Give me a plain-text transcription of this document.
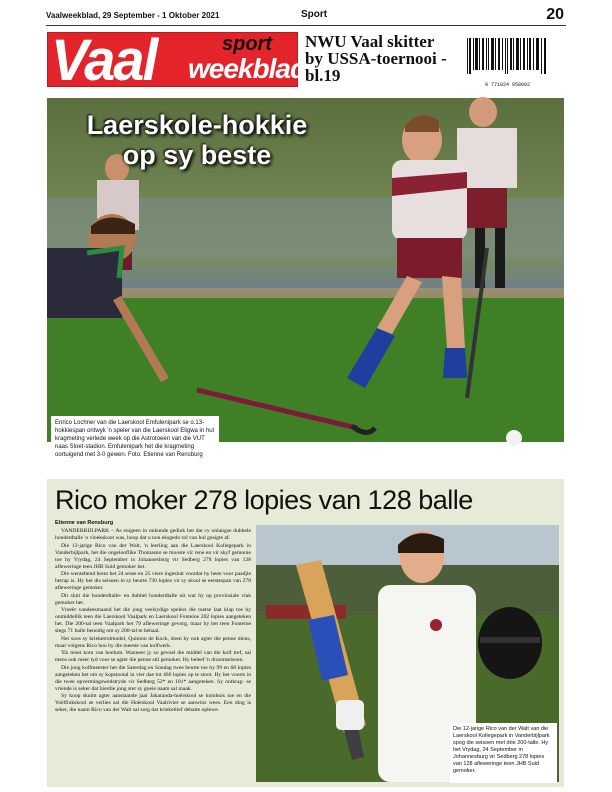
Vaalweekblad, 29 September - 1 Oktober 2021	Sport	20
Vaal	sport
weekblad
NWU Vaal skitter by USSA-toernooi - bl.19	9 771024 958002
Laerskole-hokkie
op sy beste
Enrico Lochner van die Laerskool Emfulenipark se o.13-hokkiespan ontwyk 'n speler van die Laerskool Eligwa in hul kragmeting verlede week op die Astrotoeen van die VUT naas Sloet-stadion. Emfulenipark het die kragmeting oortuigend met 3-0 gewen. Foto: Etienne van Rensburg
Rico moker 278 lopies van 128 balle
Etienne van Rensburg

VANDERBIJLPARK – As enigeen in onkunde gedink het dat cy onlangse dubbele honderdtalle 'n vloekskoot was, hoop dat u nou eksgedo rol van hul gesigte af.

Die 12-jarige Rico van der Walt, 'n leerling aan die Laerskool Kollegepark in Vanderbijlpark, het die ongelooflike Thomasno se mooste vir rene en vir skyf gemonie toe hy Vrydag, 24 September in Johannesburg vir Sedberg 278 lopies van 128 afleweringe teen JHB Suid gemoker het.

Die wenteltend brent het 24 sesse en 25 viere ingesluit voordat hy heen voor paadjie betrap is. Hy het dis seisoen in sy beurte 730 lopies vir sy skool se eerstespan van 278 afleweringe gemoker.

Dit sluit die honderdtalle- en dubbel honderdtalle uit wat hy op provinsiale vlak gemoker het.

Vroeër vandeesmaand het die jong veelsydige spelers die toetse laat klap toe hy onmiddellik teen die Laerskool Vaalpark en Laerskool Fonteine 202 lopies aangeteken het. Die 200-tal teen Vaalpark het 79 afleweringe gevorg, maar hy het teen Fonteine slegs 71 balle benodig om sy 200-tal te behaal.

Net soos sy krieketrolmodel, Quinton de Kock, doen hy ook agter die penne diens, maar volgens Rico hou hy die meeste van kolfwerk.

'Ek moet kom van hoelum. Wanneer jy so gevoel die middel van die kolf tref, sal mens ook meer tyd voor se agter die penne stil gemoker. Hy beleef 'n droomseisoen.

Die jong kolfmeester het die Saterdag en Sondag twee beurte toe hy 99 en 68 lopies aangeteken het om sy kopstootal in vier dae tot 466 lopies op te stoot. Hy het voorts in die twee opvermingswedstryde vir Sedberg 52* en 101* aangeteken. Sy ontkrag- se vriende is seker dat hierdie jong ster sy goeie naam sal maak.

Sy koop skuim agter aanstaande jaar Jakaranda-hoërskool se kombuis toe en die Voëlfinkskool se verlies sal die Hoërskool Vaalrivier se aanwins wees. Een ding is seker, die naam Rico van der Walt sal sorg dat krieketlief debatte oplewe.

Die 12-jarige Rico van der Walt van die Laerskool Kollegepark in Vanderbijlpark spog die seisoen met drie 200-talle. Hy het Vrydag, 24 September in Johannesburg vir Sedberg 278 lopies van 128 afleweringe teen JHB Suid gemoker.
